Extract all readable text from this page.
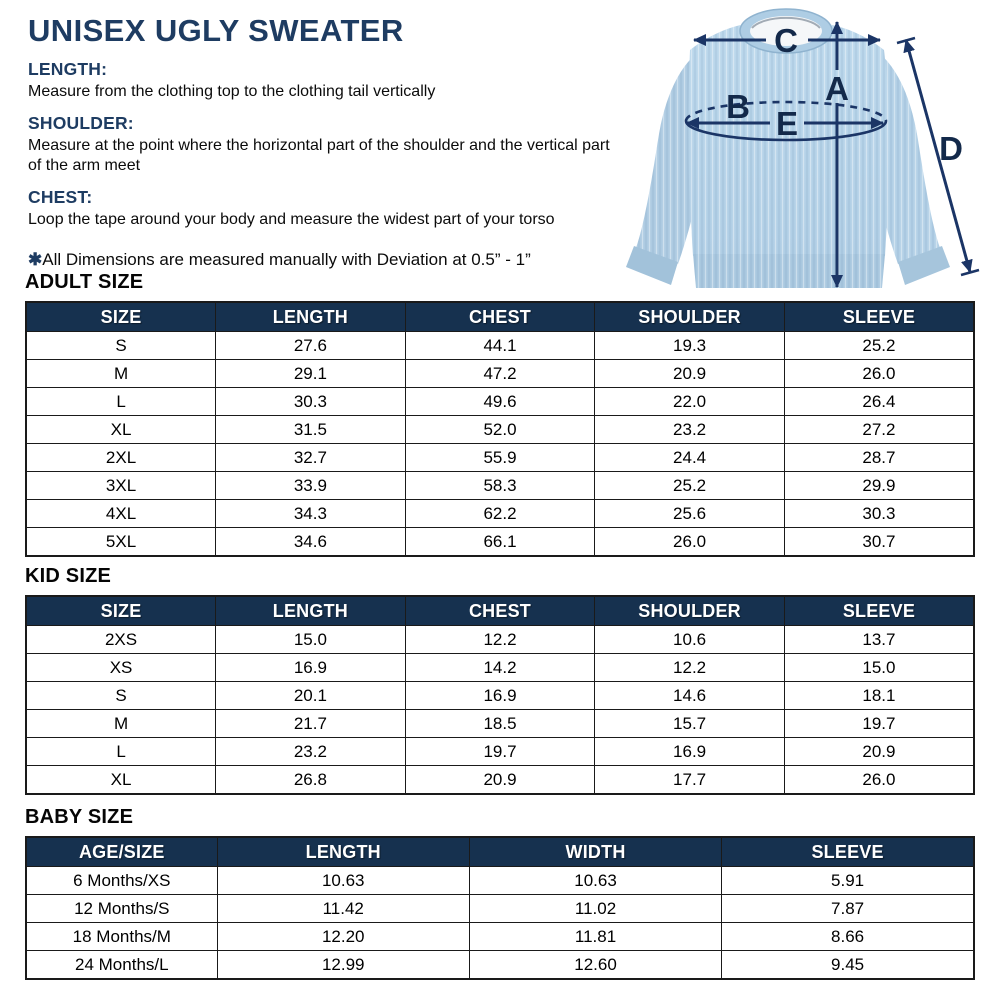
UNISEX UGLY SWEATER
LENGTH:

Measure from the clothing top to the clothing tail vertically

SHOULDER:

Measure at the point where the horizontal part of the shoulder and the vertical part of the arm meet

CHEST:

Loop the tape around your body and measure the widest part of your torso

✱All Dimensions are measured manually with Deviation at 0.5” - 1”
C
A
B E
D
ADULT SIZE
SIZE	LENGTH	CHEST	SHOULDER	SLEEVE
S	27.6	44.1	19.3	25.2
M	29.1	47.2	20.9	26.0
L	30.3	49.6	22.0	26.4
XL	31.5	52.0	23.2	27.2
2XL	32.7	55.9	24.4	28.7
3XL	33.9	58.3	25.2	29.9
4XL	34.3	62.2	25.6	30.3
5XL	34.6	66.1	26.0	30.7
KID SIZE
SIZE	LENGTH	CHEST	SHOULDER	SLEEVE
2XS	15.0	12.2	10.6	13.7
XS	16.9	14.2	12.2	15.0
S	20.1	16.9	14.6	18.1
M	21.7	18.5	15.7	19.7
L	23.2	19.7	16.9	20.9
XL	26.8	20.9	17.7	26.0
BABY SIZE
AGE/SIZE	LENGTH	WIDTH	SLEEVE
6 Months/XS	10.63	10.63	5.91
12 Months/S	11.42	11.02	7.87
18 Months/M	12.20	11.81	8.66
24 Months/L	12.99	12.60	9.45
